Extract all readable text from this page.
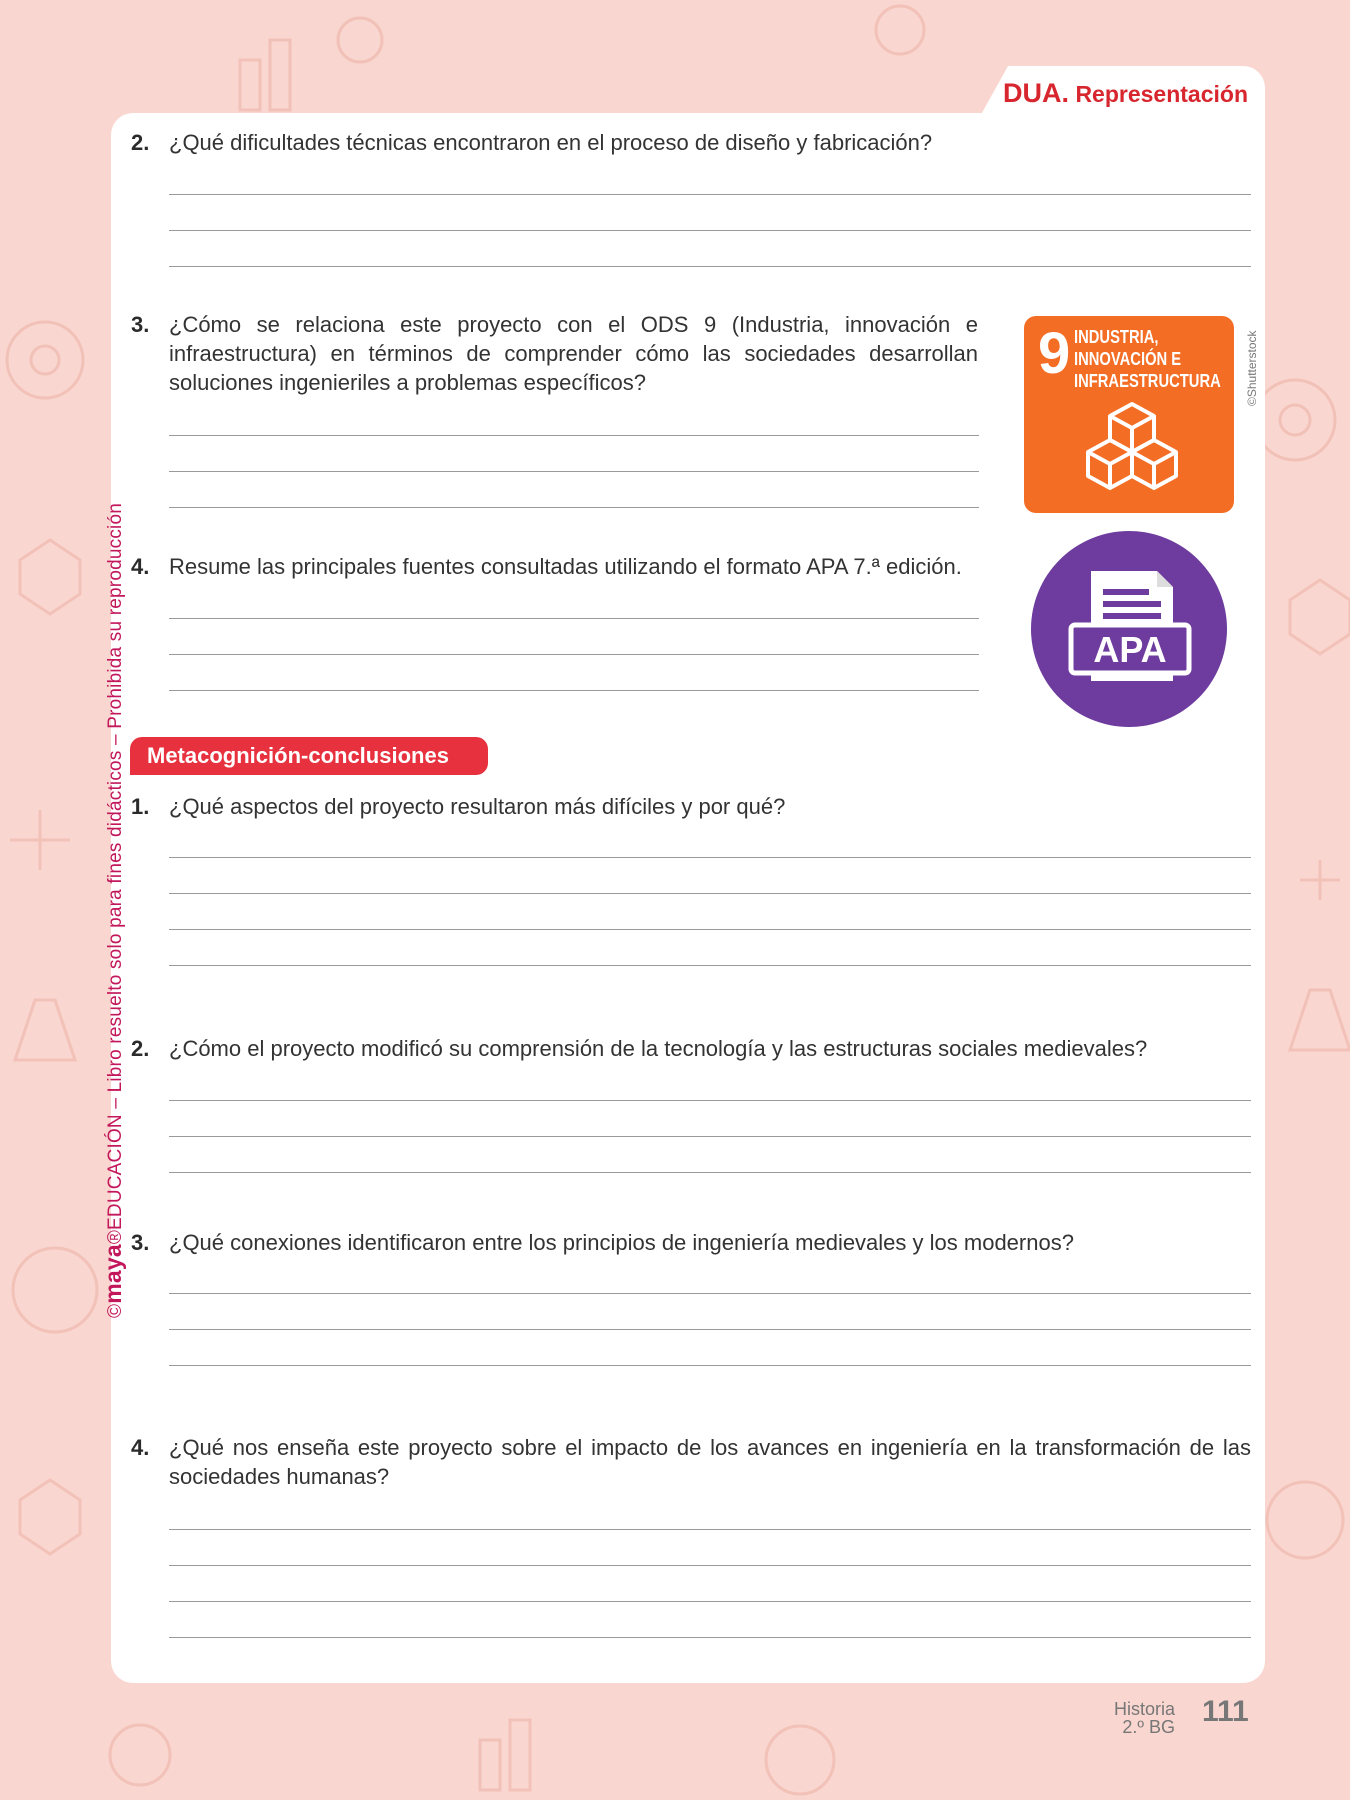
DUA. Representación
©maya®EDUCACIÓN – Libro resuelto solo para fines didácticos – Prohibida su reproducción
2. ¿Qué dificultades técnicas encontraron en el proceso de diseño y fabricación?
3. ¿Cómo se relaciona este proyecto con el ODS 9 (Industria, innovación e infraestructura) en términos de comprender cómo las sociedades desarrollan soluciones ingenieriles a problemas específicos?
4. Resume las principales fuentes consultadas utilizando el formato APA 7.ª edición.
9 INDUSTRIA,
INNOVACIÓN E
INFRAESTRUCTURA ©Shutterstock
APA
Metacognición-conclusiones
1. ¿Qué aspectos del proyecto resultaron más difíciles y por qué?
2. ¿Cómo el proyecto modificó su comprensión de la tecnología y las estructuras sociales medievales?
3. ¿Qué conexiones identificaron entre los principios de ingeniería medievales y los modernos?
4. ¿Qué nos enseña este proyecto sobre el impacto de los avances en ingeniería en la transformación de las sociedades humanas?
Historia
2.º BG 111
